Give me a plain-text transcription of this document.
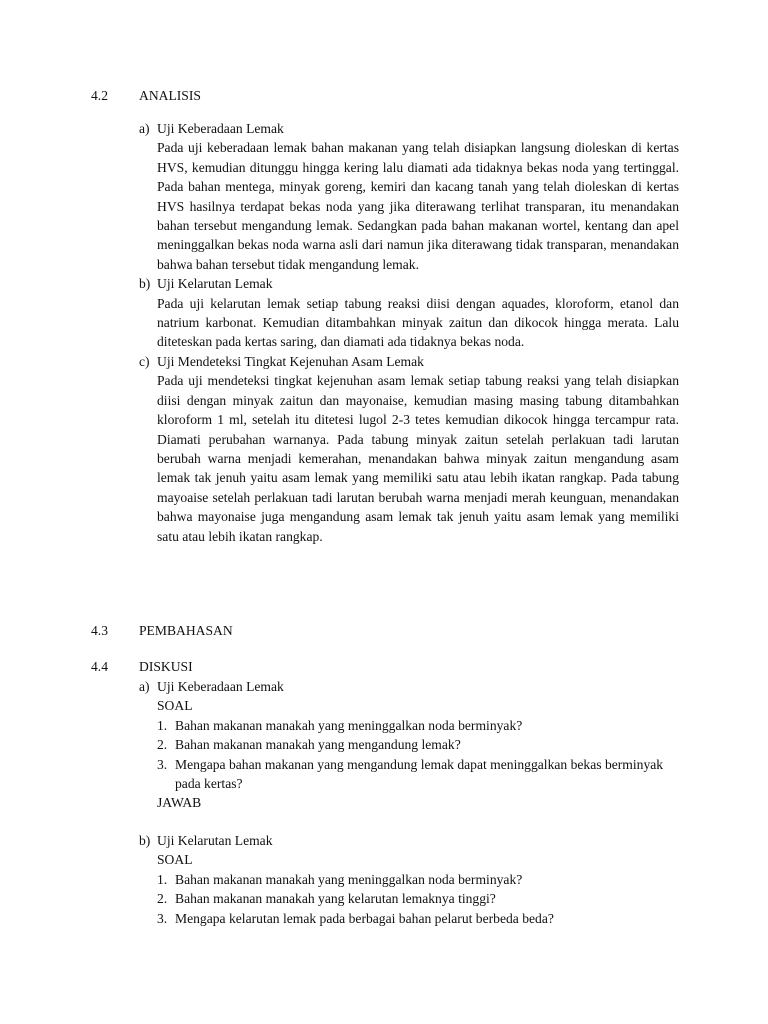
4.2 ANALISIS
a) Uji Keberadaan Lemak

Pada uji keberadaan lemak bahan makanan yang telah disiapkan langsung dioleskan di kertas HVS, kemudian ditunggu hingga kering lalu diamati ada tidaknya bekas noda yang tertinggal. Pada bahan mentega, minyak goreng, kemiri dan kacang tanah yang telah dioleskan di kertas HVS hasilnya terdapat bekas noda yang jika diterawang terlihat transparan, itu menandakan bahan tersebut mengandung lemak. Sedangkan pada bahan makanan wortel, kentang dan apel meninggalkan bekas noda warna asli dari namun jika diterawang tidak transparan, menandakan bahwa bahan tersebut tidak mengandung lemak.

b) Uji Kelarutan Lemak

Pada uji kelarutan lemak setiap tabung reaksi diisi dengan aquades, kloroform, etanol dan natrium karbonat. Kemudian ditambahkan minyak zaitun dan dikocok hingga merata. Lalu diteteskan pada kertas saring, dan diamati ada tidaknya bekas noda.

c) Uji Mendeteksi Tingkat Kejenuhan Asam Lemak

Pada uji mendeteksi tingkat kejenuhan asam lemak setiap tabung reaksi yang telah disiapkan diisi dengan minyak zaitun dan mayonaise, kemudian masing masing tabung ditambahkan kloroform 1 ml, setelah itu ditetesi lugol 2-3 tetes kemudian dikocok hingga tercampur rata. Diamati perubahan warnanya. Pada tabung minyak zaitun setelah perlakuan tadi larutan berubah warna menjadi kemerahan, menandakan bahwa minyak zaitun mengandung asam lemak tak jenuh yaitu asam lemak yang memiliki satu atau lebih ikatan rangkap. Pada tabung mayoaise setelah perlakuan tadi larutan berubah warna menjadi merah keunguan, menandakan bahwa mayonaise juga mengandung asam lemak tak jenuh yaitu asam lemak yang memiliki satu atau lebih ikatan rangkap.

4.3 PEMBAHASAN
4.4 DISKUSI
a) Uji Keberadaan Lemak
SOAL
1. Bahan makanan manakah yang meninggalkan noda berminyak?
2. Bahan makanan manakah yang mengandung lemak?
3. Mengapa bahan makanan yang mengandung lemak dapat meninggalkan bekas berminyak pada kertas?
JAWAB
b) Uji Kelarutan Lemak
SOAL
1. Bahan makanan manakah yang meninggalkan noda berminyak?
2. Bahan makanan manakah yang kelarutan lemaknya tinggi?
3. Mengapa kelarutan lemak pada berbagai bahan pelarut berbeda beda?
